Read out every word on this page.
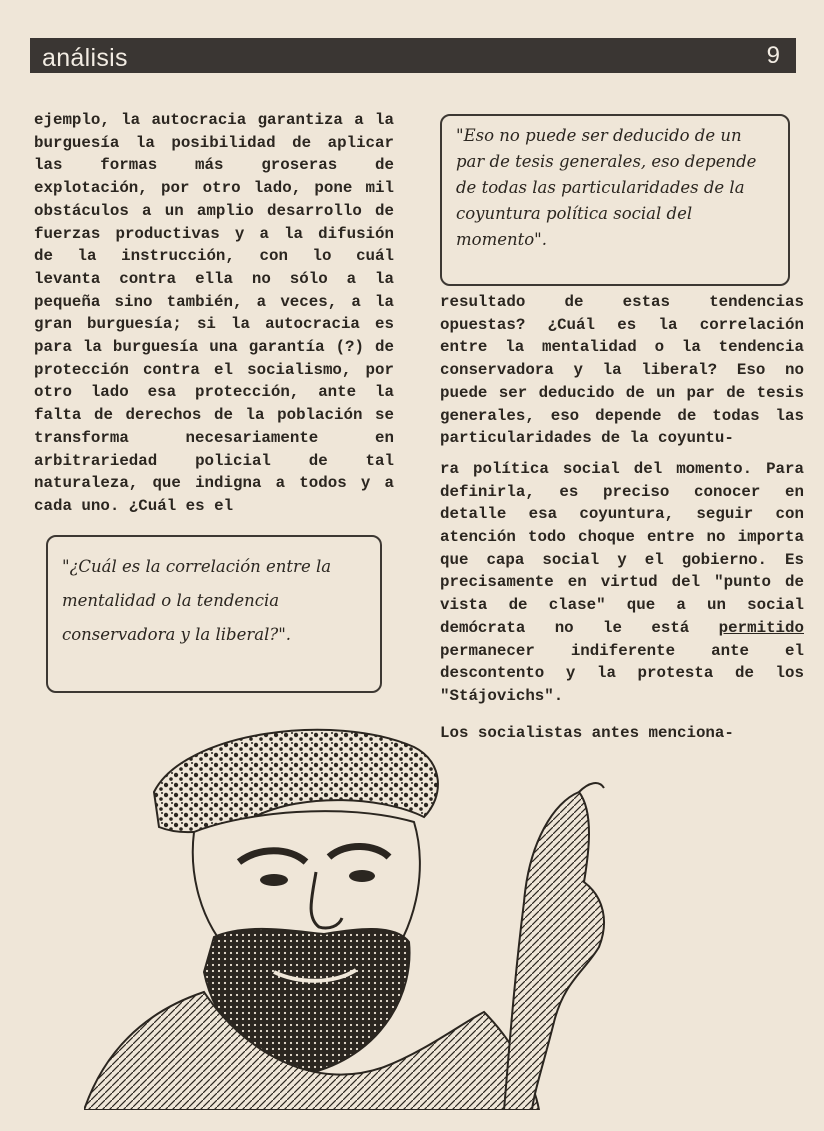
análisis	9

ejemplo, la autocracia garantiza a la burguesía la posibilidad de aplicar las formas más groseras de explotación, por otro lado, pone mil obstáculos a un amplio desarrollo de fuerzas productivas y a la difusión de la instrucción, con lo cuál levanta contra ella no sólo a la pequeña sino también, a veces, a la gran burguesía; si la autocracia es para la burguesía una garantía (?) de protección contra el socialismo, por otro lado esa protección, ante la falta de derechos de la población se transforma necesariamente en arbitrariedad policial de tal naturaleza, que indigna a todos y a cada uno. ¿Cuál es el

"Eso no puede ser deducido de un par de tesis generales, eso depende de todas las particularidades de la coyuntura política social del momento".

resultado de estas tendencias opuestas? ¿Cuál es la correlación entre la mentalidad o la tendencia conservadora y la liberal? Eso no puede ser deducido de un par de tesis generales, eso depende de todas las particularidades de la coyuntu-

ra política social del momento. Para definirla, es preciso conocer en detalle esa coyuntura, seguir con atención todo choque entre no importa que capa social y el gobierno. Es precisamente en virtud del "punto de vista de clase" que a un social demócrata no le está permitido permanecer indiferente ante el descontento y la protesta de los "Stájovichs".

Los socialistas antes menciona-

"¿Cuál es la correlación entre la mentalidad o la tendencia conservadora y la liberal?".
